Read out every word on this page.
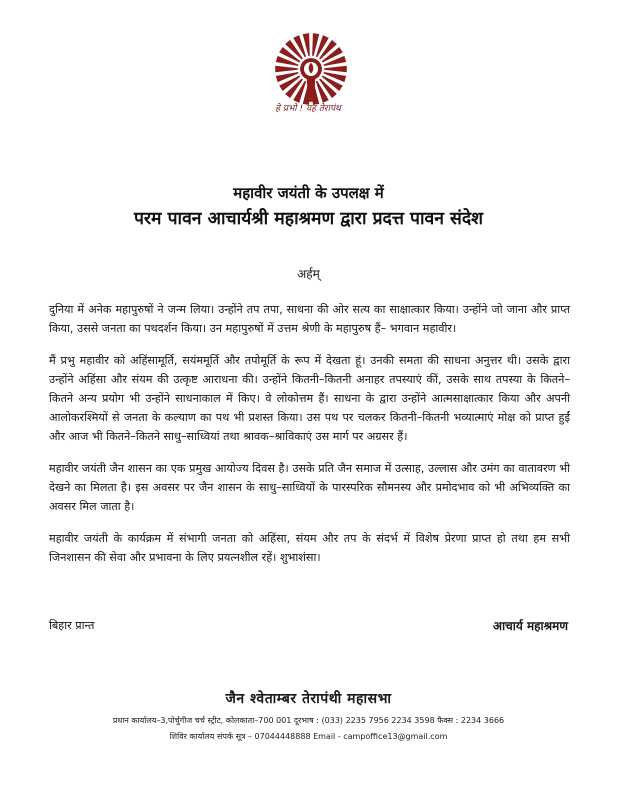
हे प्रभो ! यह तेरापंथ
महावीर जयंती के उपलक्ष में
परम पावन आचार्यश्री महाश्रमण द्वारा प्रदत्त पावन संदेश
अर्हम्

दुनिया में अनेक महापुरुषों ने जन्म लिया। उन्होंने तप तपा, साधना की ओर सत्य का साक्षात्कार किया। उन्होंने जो जाना और प्राप्त किया, उससे जनता का पथदर्शन किया। उन महापुरुषों में उत्तम श्रेणी के महापुरुष हैं– भगवान महावीर।

मैं प्रभु महावीर को अहिंसामूर्ति, सयंममूर्ति और तपोमूर्ति के रूप में देखता हूं। उनकी समता की साधना अनुत्तर थी। उसके द्वारा उन्होंने अहिंसा और संयम की उत्कृष्ट आराधना की। उन्होंने कितनी–कितनी अनाहर तपस्याएं कीं, उसके साथ तपस्या के कितने–कितने अन्य प्रयोग भी उन्होंने साधनाकाल में किए। वे लोकोत्तम हैं। साधना के द्वारा उन्होंने आत्मसाक्षात्कार किया और अपनी आलोकरश्मियों से जनता के कल्याण का पथ भी प्रशस्त किया। उस पथ पर चलकर कितनी–कितनी भव्यात्माएं मोक्ष को प्राप्त हुईं और आज भी कितने–कितने साधु–साध्वियां तथा श्रावक–श्राविकाएं उस मार्ग पर अग्रसर हैं।

महावीर जयंती जैन शासन का एक प्रमुख आयोज्य दिवस है। उसके प्रति जैन समाज में उत्साह, उल्लास और उमंग का वातावरण भी देखने का मिलता है। इस अवसर पर जैन शासन के साधु–साध्वियों के पारस्परिक सौमनस्य और प्रमोदभाव को भी अभिव्यक्ति का अवसर मिल जाता है।

महावीर जयंती के कार्यक्रम में संभागी जनता को अहिंसा, संयम और तप के संदर्भ में विशेष प्रेरणा प्राप्त हो तथा हम सभी जिनशासन की सेवा और प्रभावना के लिए प्रयत्नशील रहें। शुभाशंसा।

बिहार प्रान्त	आचार्य महाश्रमण
जैन श्वेताम्बर तेरापंथी महासभा
प्रधान कार्यालय–3,पोर्चुगीज चर्च स्ट्रीट, कोलकाता–700 001 दूरभाष : (033) 2235 7956 2234 3598 फैक्स : 2234 3666
शिविर कार्यालय संपर्क सूत्र – 07044448888 Email - campoffice13@gmail.com
